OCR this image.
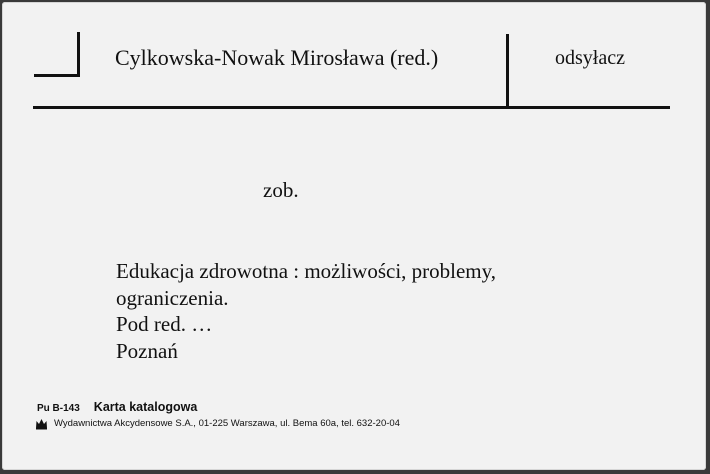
Cylkowska-Nowak Mirosława (red.)	odsyłacz
zob.
Edukacja zdrowotna : możliwości, problemy,
ograniczenia.
Pod red. …
Poznań
Pu B-143 Karta katalogowa
Wydawnictwa Akcydensowe S.A., 01-225 Warszawa, ul. Bema 60a, tel. 632-20-04
